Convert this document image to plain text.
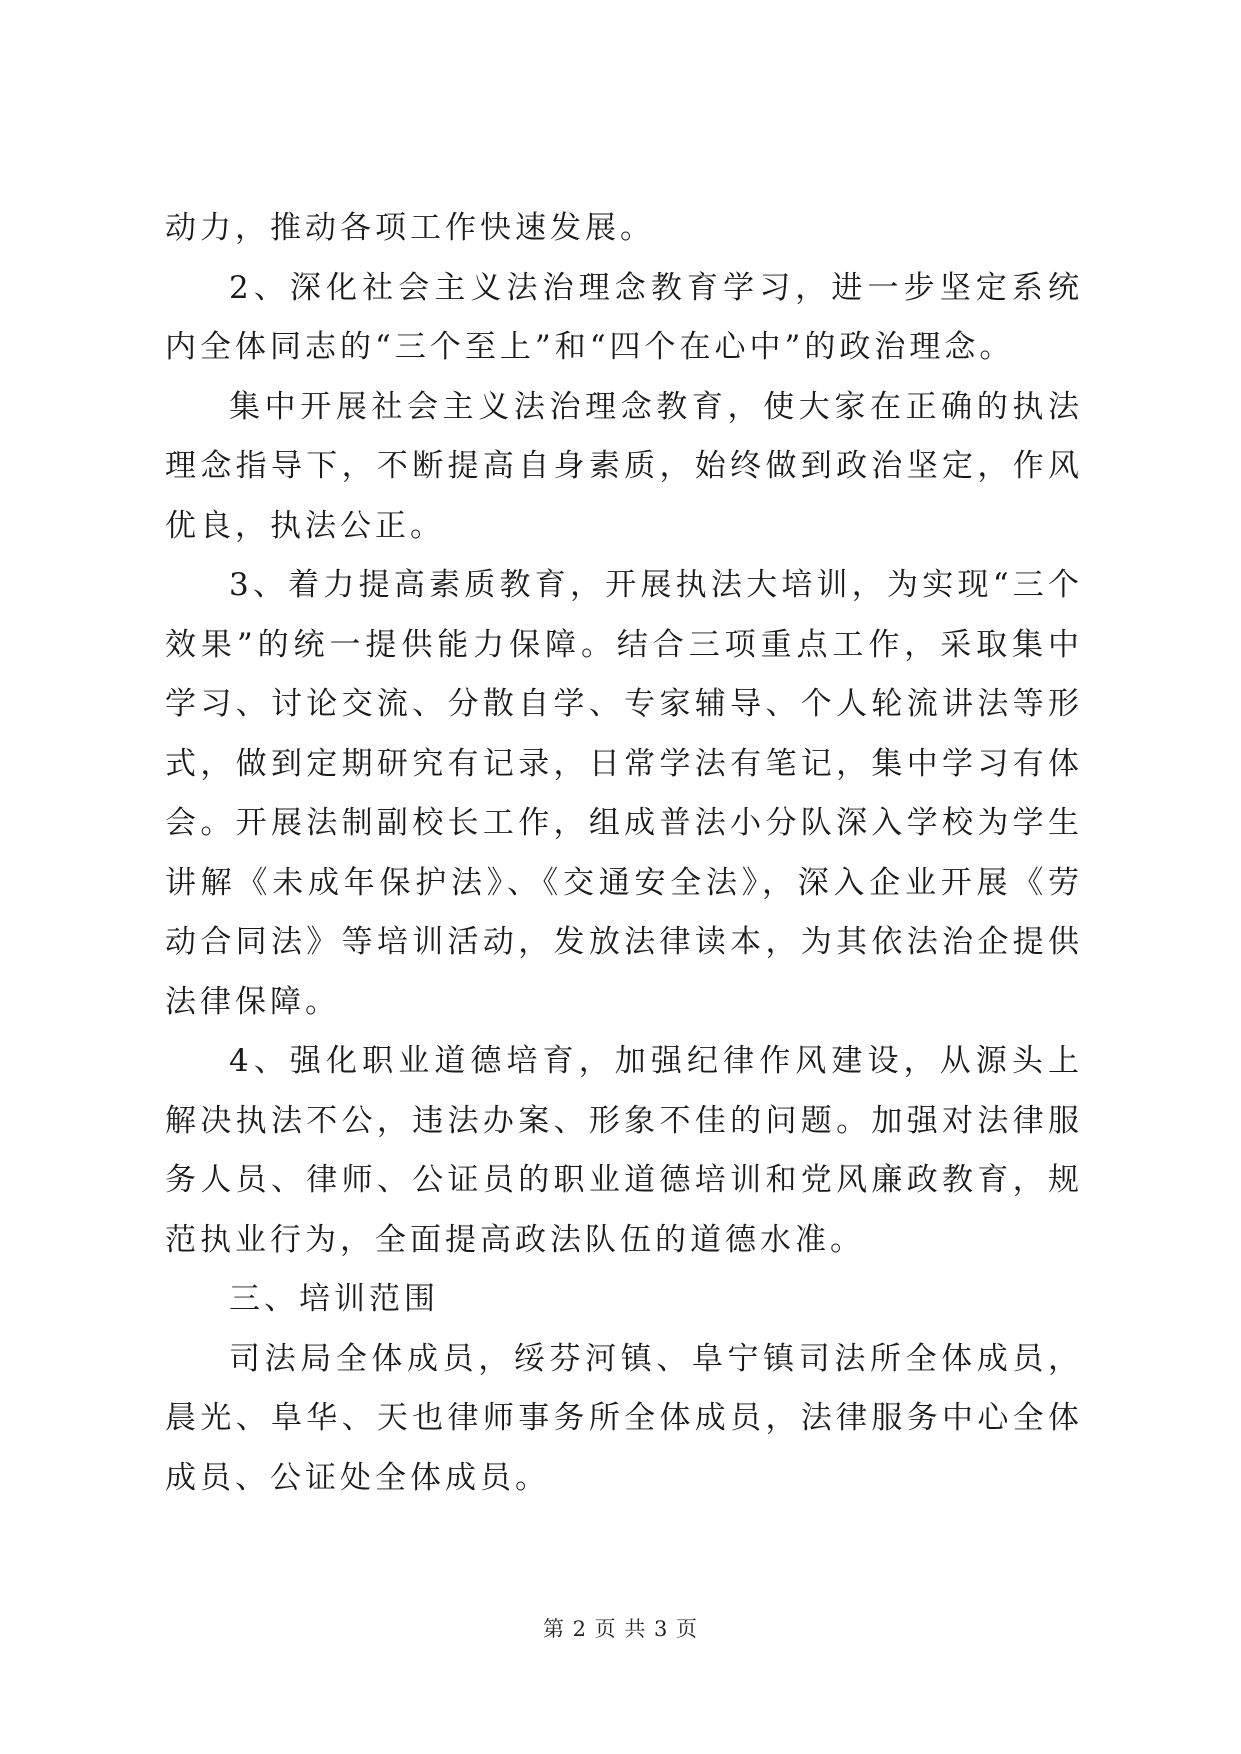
动力，推动各项工作快速发展。

2、深化社会主义法治理念教育学习，进一步坚定系统内全体同志的“三个至上”和“四个在心中”的政治理念。

集中开展社会主义法治理念教育，使大家在正确的执法理念指导下，不断提高自身素质，始终做到政治坚定，作风优良，执法公正。

3、着力提高素质教育，开展执法大培训，为实现“三个效果”的统一提供能力保障。结合三项重点工作，采取集中学习、讨论交流、分散自学、专家辅导、个人轮流讲法等形式，做到定期研究有记录，日常学法有笔记，集中学习有体会。开展法制副校长工作，组成普法小分队深入学校为学生讲解《未成年保护法》、《交通安全法》，深入企业开展《劳动合同法》等培训活动，发放法律读本，为其依法治企提供法律保障。

4、强化职业道德培育，加强纪律作风建设，从源头上解决执法不公，违法办案、形象不佳的问题。加强对法律服务人员、律师、公证员的职业道德培训和党风廉政教育，规范执业行为，全面提高政法队伍的道德水准。

三、培训范围

司法局全体成员，绥芬河镇、阜宁镇司法所全体成员，晨光、阜华、天也律师事务所全体成员，法律服务中心全体成员、公证处全体成员。

第 2 页 共 3 页
